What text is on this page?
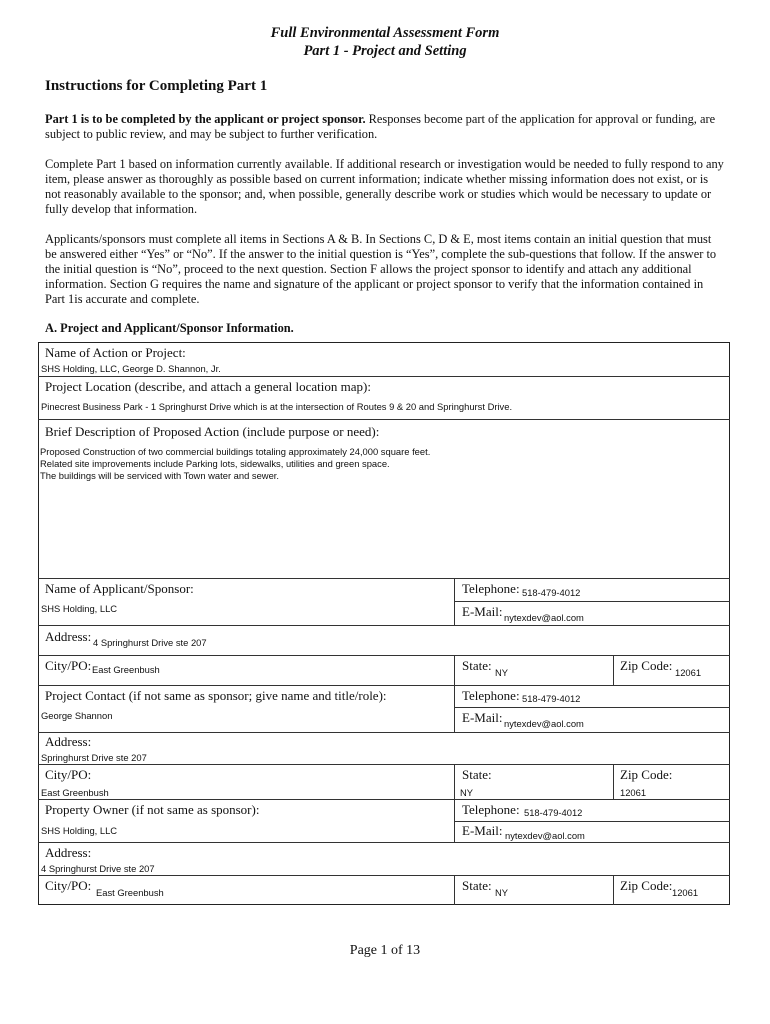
Full Environmental Assessment Form
Part 1 - Project and Setting
Instructions for Completing Part 1
Part 1 is to be completed by the applicant or project sponsor. Responses become part of the application for approval or funding, are subject to public review, and may be subject to further verification.
Complete Part 1 based on information currently available. If additional research or investigation would be needed to fully respond to any item, please answer as thoroughly as possible based on current information; indicate whether missing information does not exist, or is not reasonably available to the sponsor; and, when possible, generally describe work or studies which would be necessary to update or fully develop that information.
Applicants/sponsors must complete all items in Sections A & B. In Sections C, D & E, most items contain an initial question that must be answered either “Yes” or “No”. If the answer to the initial question is “Yes”, complete the sub-questions that follow. If the answer to the initial question is “No”, proceed to the next question. Section F allows the project sponsor to identify and attach any additional information. Section G requires the name and signature of the applicant or project sponsor to verify that the information contained in Part 1is accurate and complete.
A. Project and Applicant/Sponsor Information.
Name of Action or Project:
SHS Holding, LLC, George D. Shannon, Jr.
Project Location (describe, and attach a general location map):
Pinecrest Business Park - 1 Springhurst Drive which is at the intersection of Routes 9 & 20 and Springhurst Drive.
Brief Description of Proposed Action (include purpose or need):
Proposed Construction of two commercial buildings totaling approximately 24,000 square feet.
Related site improvements include Parking lots, sidewalks, utilities and green space.
The buildings will be serviced with Town water and sewer.
Name of Applicant/Sponsor:
SHS Holding, LLC
Telephone: 518-479-4012
E-Mail: nytexdev@aol.com
Address: 4 Springhurst Drive ste 207
City/PO: East Greenbush	State: NY	Zip Code: 12061
Project Contact (if not same as sponsor; give name and title/role):
George Shannon
Telephone: 518-479-4012
E-Mail: nytexdev@aol.com
Address:
Springhurst Drive ste 207
City/PO:
East Greenbush
State:
NY
Zip Code:
12061
Property Owner (if not same as sponsor):
SHS Holding, LLC
Telephone: 518-479-4012
E-Mail: nytexdev@aol.com
Address:
4 Springhurst Drive ste 207
City/PO: East Greenbush	State: NY	Zip Code: 12061
Page 1 of 13
